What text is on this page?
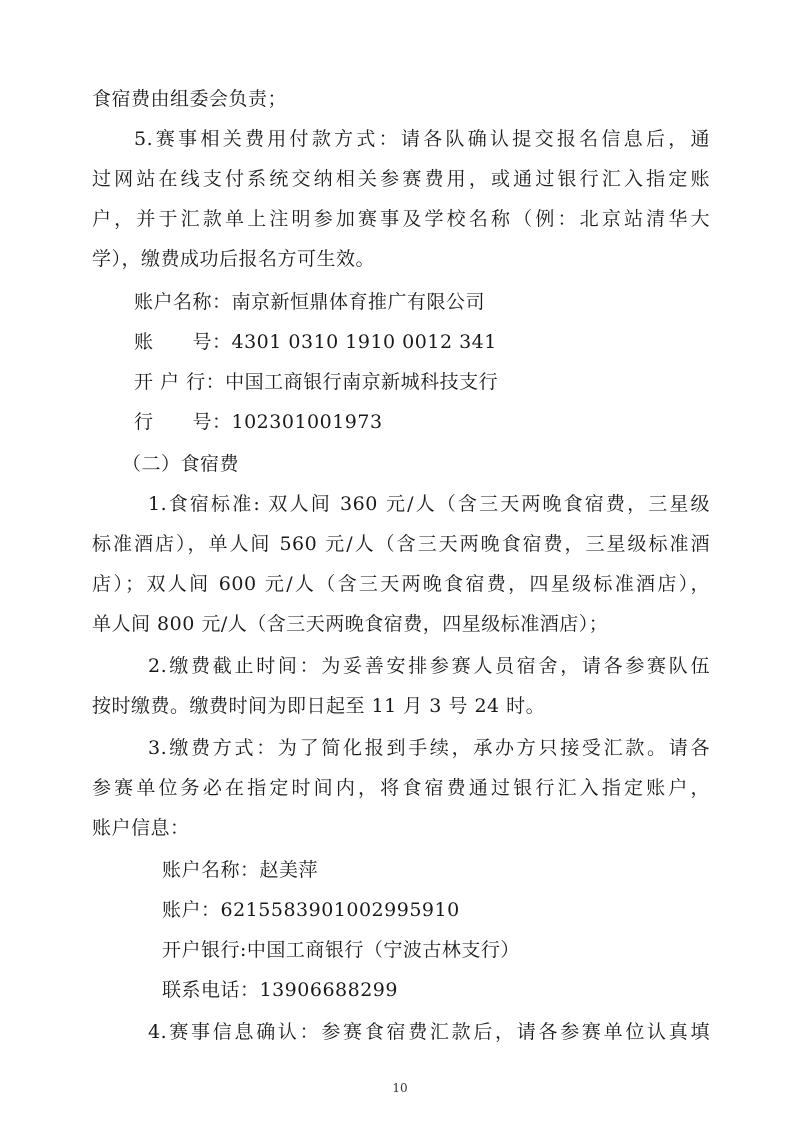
食宿费由组委会负责；

5.赛事相关费用付款方式：请各队确认提交报名信息后，通

过网站在线支付系统交纳相关参赛费用，或通过银行汇入指定账

户，并于汇款单上注明参加赛事及学校名称（例：北京站清华大

学），缴费成功后报名方可生效。

账户名称：南京新恒鼎体育推广有限公司

账　　号：4301 0310 1910 0012 341

开 户 行：中国工商银行南京新城科技支行

行　　号：102301001973

（二）食宿费

1.食宿标准: 双人间 360 元/人（含三天两晚食宿费，三星级

标准酒店），单人间 560 元/人（含三天两晚食宿费，三星级标准酒

店）；双人间 600 元/人（含三天两晚食宿费，四星级标准酒店），

单人间 800 元/人（含三天两晚食宿费，四星级标准酒店）；

2.缴费截止时间：为妥善安排参赛人员宿舍，请各参赛队伍

按时缴费。缴费时间为即日起至 11 月 3 号 24 时。

3.缴费方式：为了简化报到手续，承办方只接受汇款。请各

参赛单位务必在指定时间内，将食宿费通过银行汇入指定账户，

账户信息：

账户名称：赵美萍

账户：6215583901002995910

开户银行:中国工商银行（宁波古林支行）

联系电话：13906688299

4.赛事信息确认：参赛食宿费汇款后，请各参赛单位认真填

10
